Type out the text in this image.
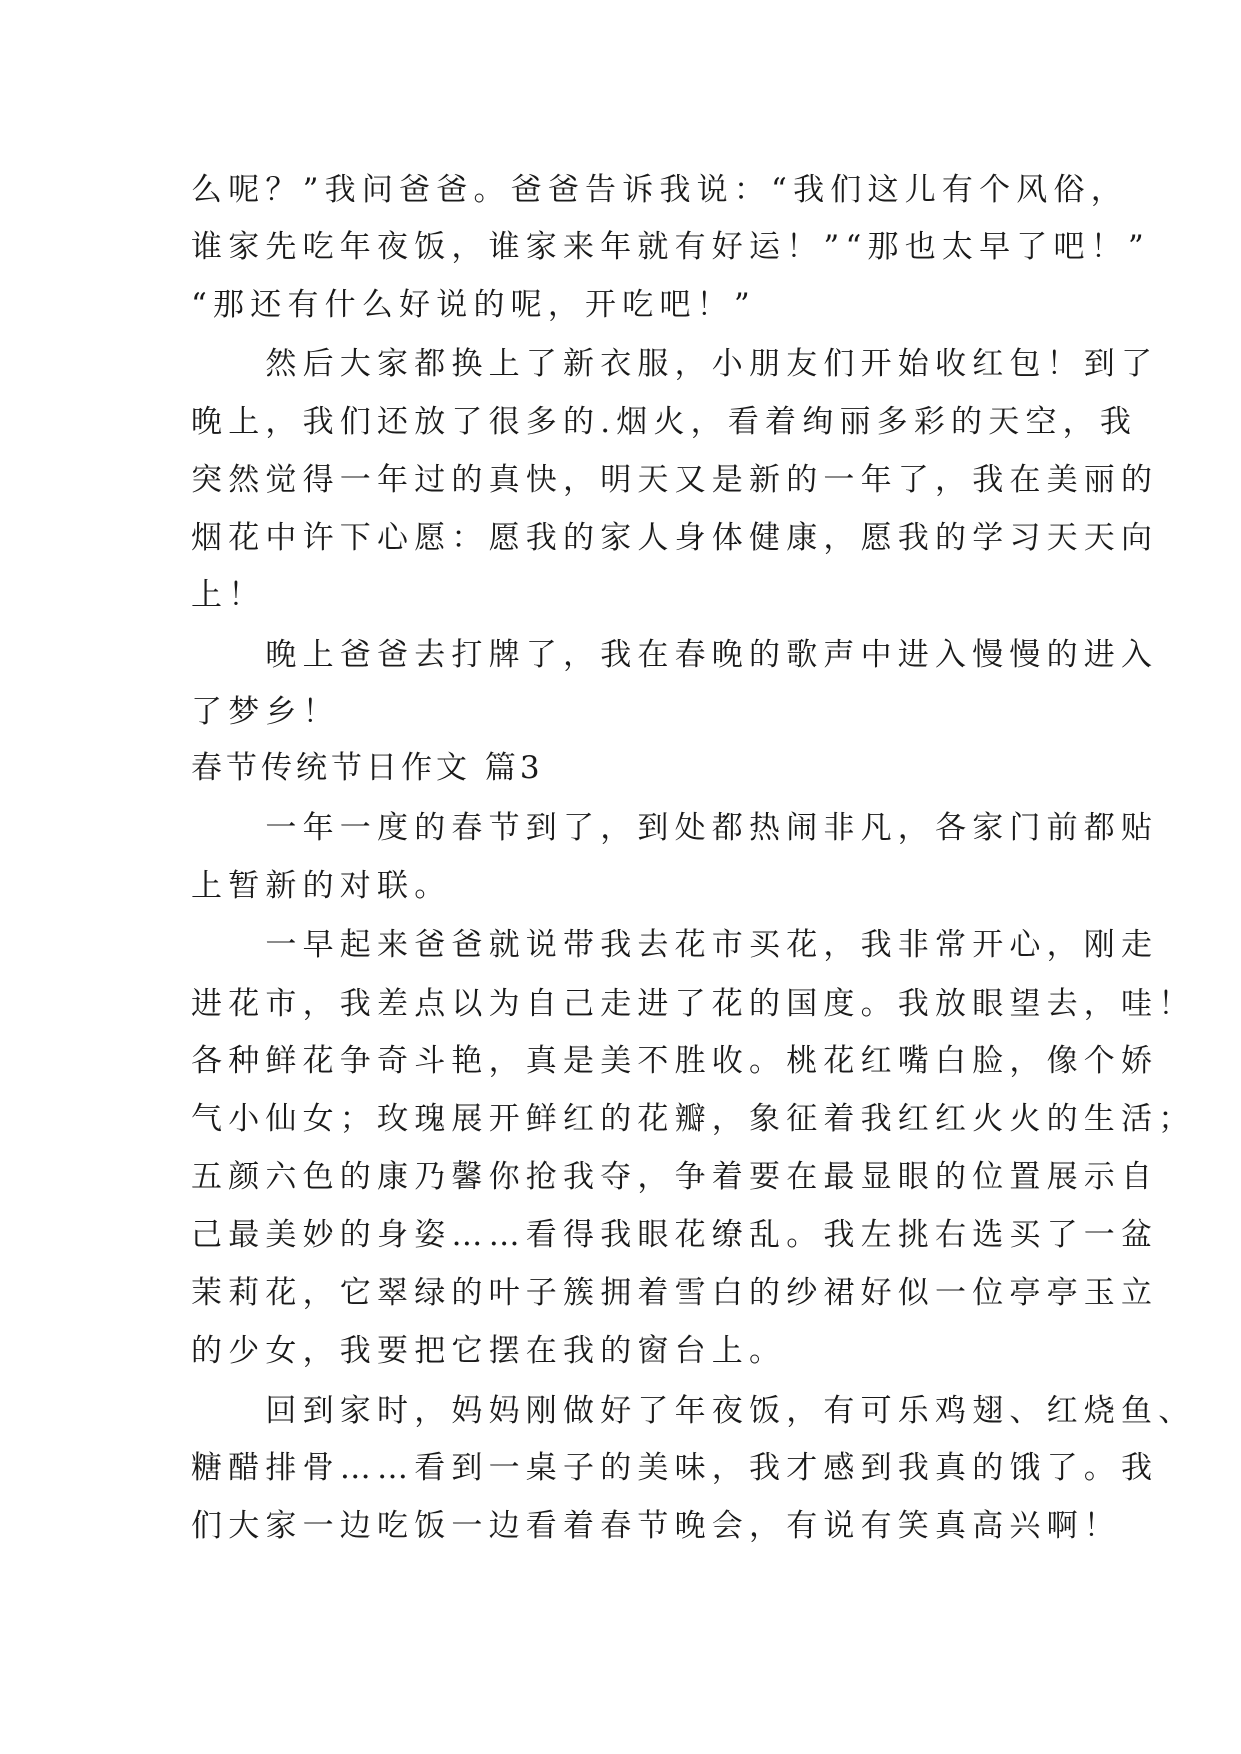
么呢？”我问爸爸。爸爸告诉我说：“我们这儿有个风俗，
谁家先吃年夜饭，谁家来年就有好运！”“那也太早了吧！”
“那还有什么好说的呢，开吃吧！”
　　然后大家都换上了新衣服，小朋友们开始收红包！到了
晚上，我们还放了很多的.烟火，看着绚丽多彩的天空，我
突然觉得一年过的真快，明天又是新的一年了，我在美丽的
烟花中许下心愿：愿我的家人身体健康，愿我的学习天天向
上！
　　晚上爸爸去打牌了，我在春晚的歌声中进入慢慢的进入
了梦乡！
春节传统节日作文 篇3
　　一年一度的春节到了，到处都热闹非凡，各家门前都贴
上暂新的对联。
　　一早起来爸爸就说带我去花市买花，我非常开心，刚走
进花市，我差点以为自己走进了花的国度。我放眼望去，哇！
各种鲜花争奇斗艳，真是美不胜收。桃花红嘴白脸，像个娇
气小仙女；玫瑰展开鲜红的花瓣，象征着我红红火火的生活；
五颜六色的康乃馨你抢我夺，争着要在最显眼的位置展示自
己最美妙的身姿……看得我眼花缭乱。我左挑右选买了一盆
茉莉花，它翠绿的叶子簇拥着雪白的纱裙好似一位亭亭玉立
的少女，我要把它摆在我的窗台上。
　　回到家时，妈妈刚做好了年夜饭，有可乐鸡翅、红烧鱼、
糖醋排骨……看到一桌子的美味，我才感到我真的饿了。我
们大家一边吃饭一边看着春节晚会，有说有笑真高兴啊！
